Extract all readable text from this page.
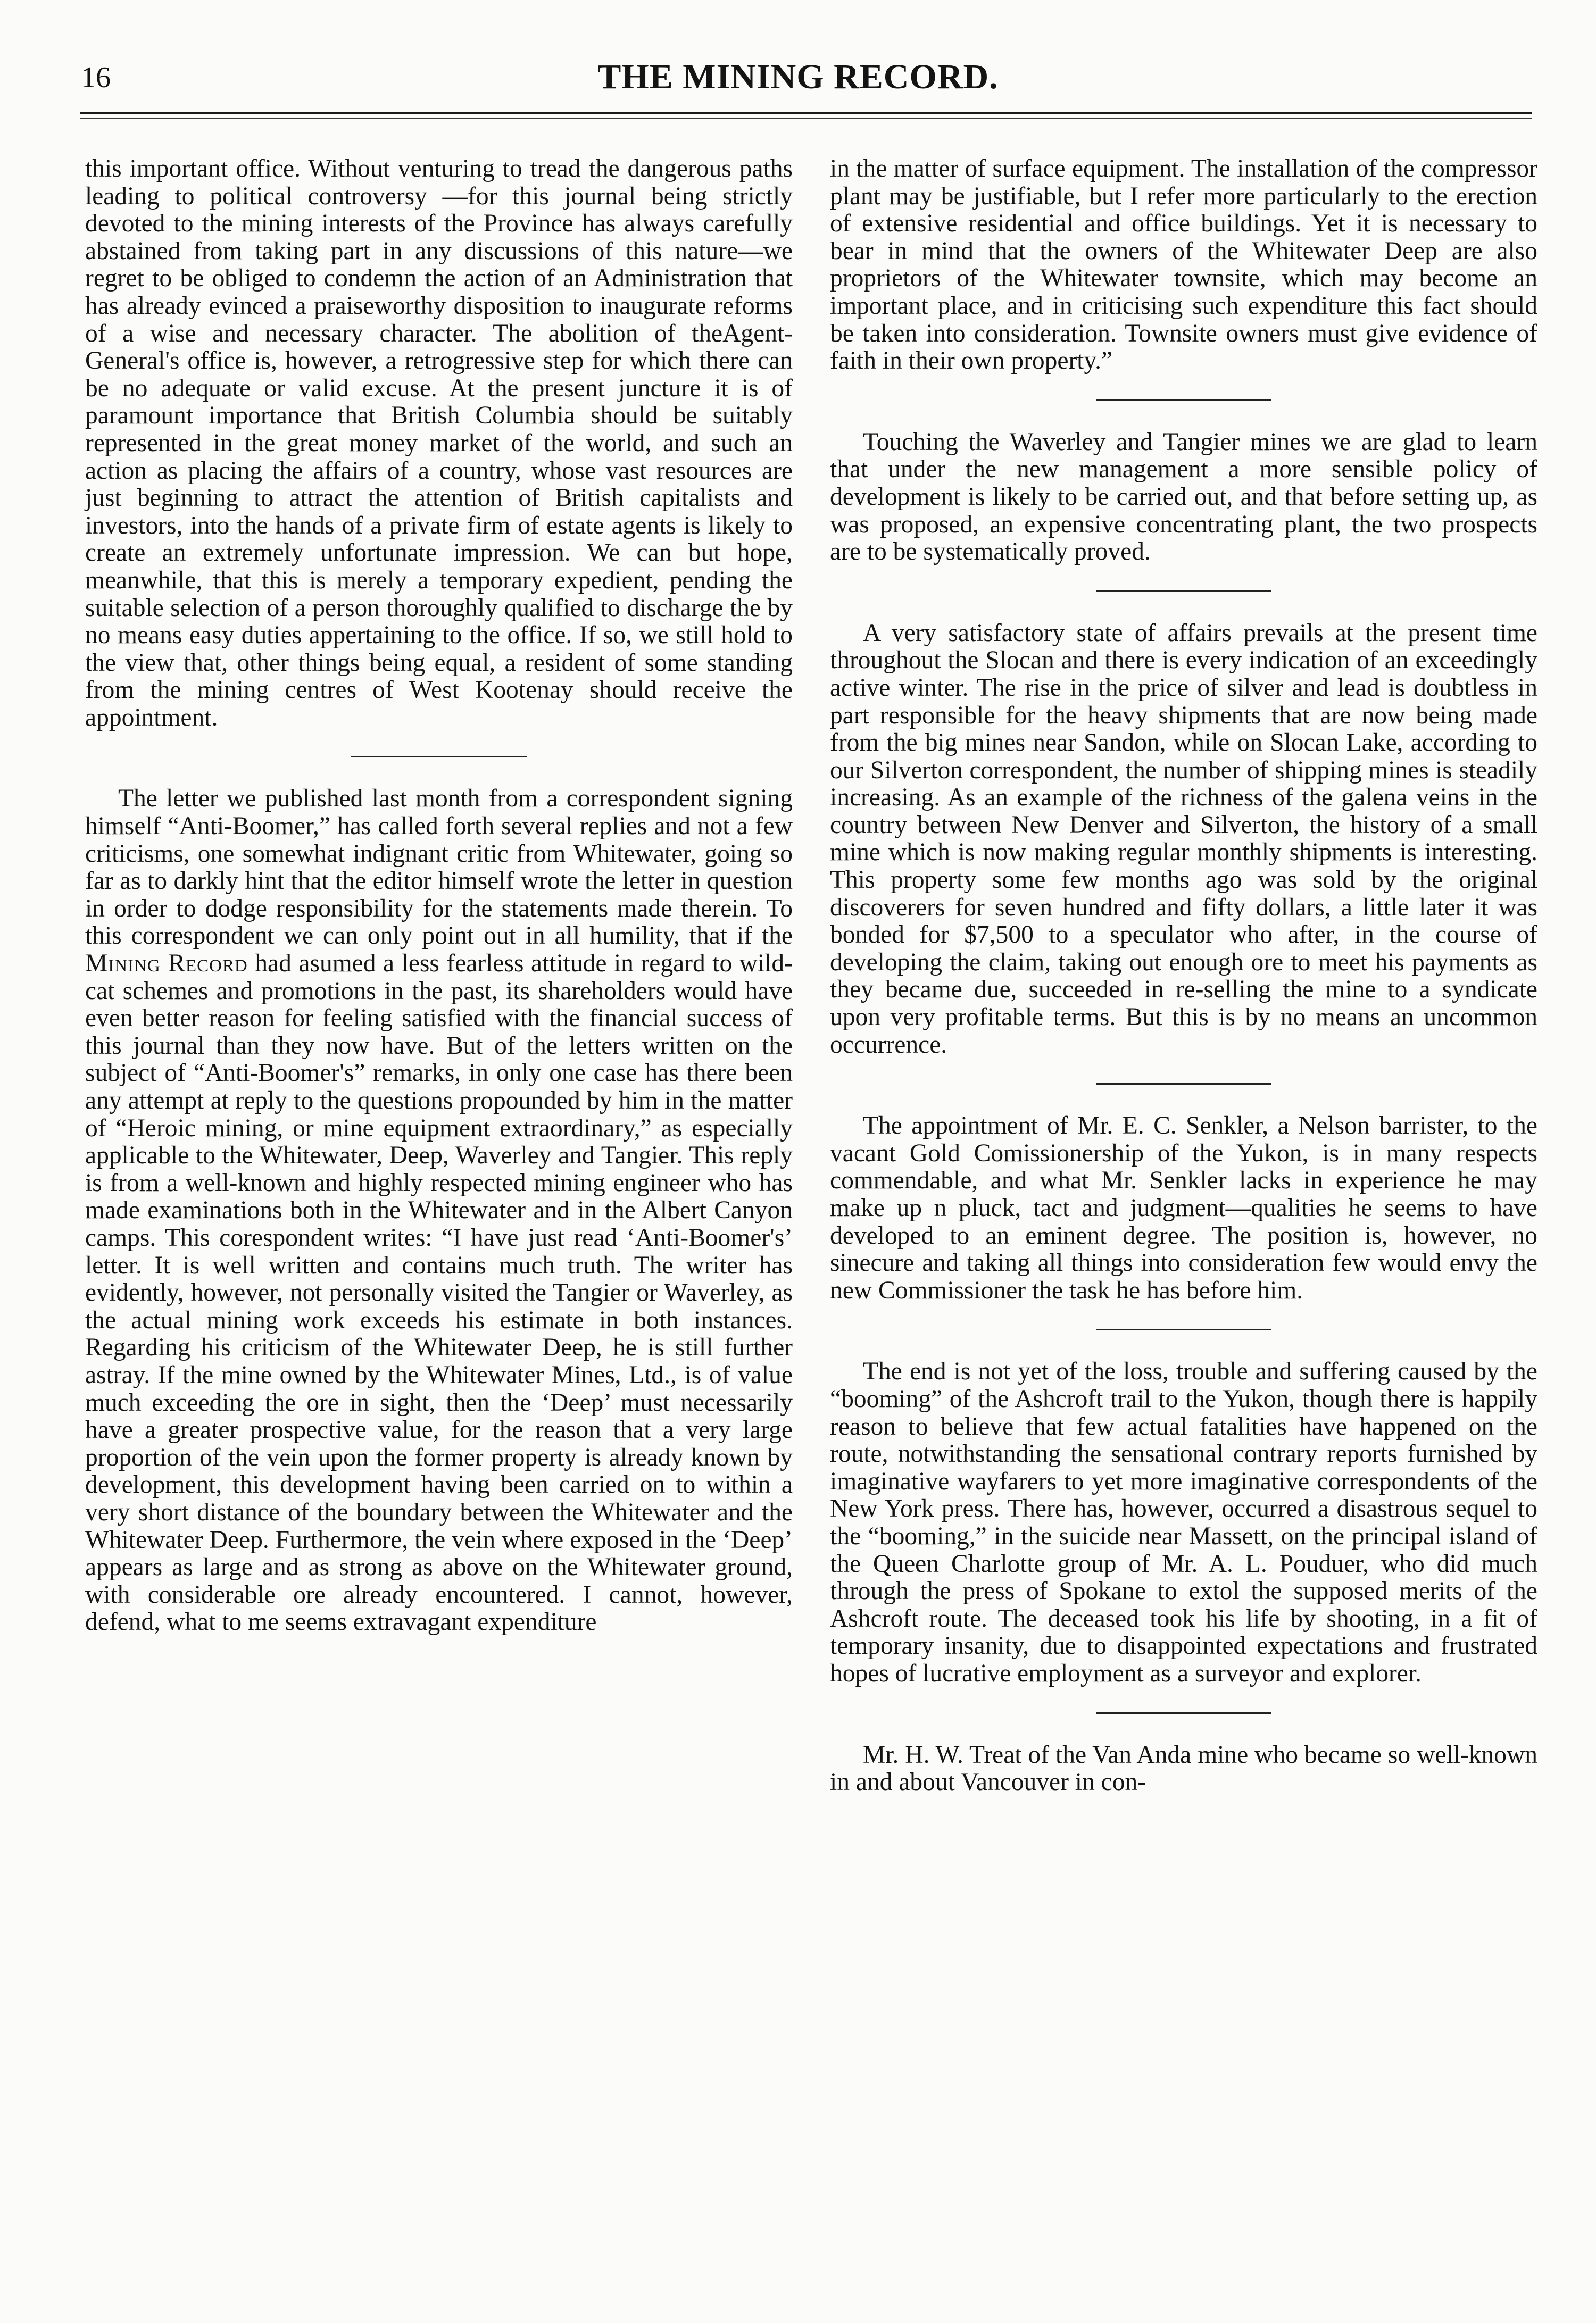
16	THE MINING RECORD.

this important office. Without venturing to tread the dangerous paths leading to political controversy —for this journal being strictly devoted to the mining interests of the Province has always carefully abstained from taking part in any discussions of this nature—we regret to be obliged to condemn the action of an Administration that has already evinced a praiseworthy disposition to inaugurate reforms of a wise and necessary character. The abolition of theAgent-General's office is, however, a retrogressive step for which there can be no adequate or valid excuse. At the present juncture it is of paramount importance that British Columbia should be suitably represented in the great money market of the world, and such an action as placing the affairs of a country, whose vast resources are just beginning to attract the attention of British capitalists and investors, into the hands of a private firm of estate agents is likely to create an extremely unfortunate impression. We can but hope, meanwhile, that this is merely a temporary expedient, pending the suitable selection of a person thoroughly qualified to discharge the by no means easy duties appertaining to the office. If so, we still hold to the view that, other things being equal, a resident of some standing from the mining centres of West Kootenay should receive the appointment.

The letter we published last month from a correspondent signing himself “Anti-Boomer,” has called forth several replies and not a few criticisms, one somewhat indignant critic from Whitewater, going so far as to darkly hint that the editor himself wrote the letter in question in order to dodge responsibility for the statements made therein. To this correspondent we can only point out in all humility, that if the Mining Record had asumed a less fearless attitude in regard to wild-cat schemes and promotions in the past, its shareholders would have even better reason for feeling satisfied with the financial success of this journal than they now have. But of the letters written on the subject of “Anti-Boomer's” remarks, in only one case has there been any attempt at reply to the questions propounded by him in the matter of “Heroic mining, or mine equipment extraordinary,” as especially applicable to the Whitewater, Deep, Waverley and Tangier. This reply is from a well-known and highly respected mining engineer who has made examinations both in the Whitewater and in the Albert Canyon camps. This corespondent writes: “I have just read ‘Anti-Boomer's’ letter. It is well written and contains much truth. The writer has evidently, however, not personally visited the Tangier or Waverley, as the actual mining work exceeds his estimate in both instances. Regarding his criticism of the Whitewater Deep, he is still further astray. If the mine owned by the Whitewater Mines, Ltd., is of value much exceeding the ore in sight, then the ‘Deep’ must necessarily have a greater prospective value, for the reason that a very large proportion of the vein upon the former property is already known by development, this development having been carried on to within a very short distance of the boundary between the Whitewater and the Whitewater Deep. Furthermore, the vein where exposed in the ‘Deep’ appears as large and as strong as above on the Whitewater ground, with considerable ore already encountered. I cannot, however, defend, what to me seems extravagant expenditure

in the matter of surface equipment. The installation of the compressor plant may be justifiable, but I refer more particularly to the erection of extensive residential and office buildings. Yet it is necessary to bear in mind that the owners of the Whitewater Deep are also proprietors of the Whitewater townsite, which may become an important place, and in criticising such expenditure this fact should be taken into consideration. Townsite owners must give evidence of faith in their own property.”

Touching the Waverley and Tangier mines we are glad to learn that under the new management a more sensible policy of development is likely to be carried out, and that before setting up, as was proposed, an expensive concentrating plant, the two prospects are to be systematically proved.

A very satisfactory state of affairs prevails at the present time throughout the Slocan and there is every indication of an exceedingly active winter. The rise in the price of silver and lead is doubtless in part responsible for the heavy shipments that are now being made from the big mines near Sandon, while on Slocan Lake, according to our Silverton correspondent, the number of shipping mines is steadily increasing. As an example of the richness of the galena veins in the country between New Denver and Silverton, the history of a small mine which is now making regular monthly shipments is interesting. This property some few months ago was sold by the original discoverers for seven hundred and fifty dollars, a little later it was bonded for $7,500 to a speculator who after, in the course of developing the claim, taking out enough ore to meet his payments as they became due, succeeded in re-selling the mine to a syndicate upon very profitable terms. But this is by no means an uncommon occurrence.

The appointment of Mr. E. C. Senkler, a Nelson barrister, to the vacant Gold Comissionership of the Yukon, is in many respects commendable, and what Mr. Senkler lacks in experience he may make up n pluck, tact and judgment—qualities he seems to have developed to an eminent degree. The position is, however, no sinecure and taking all things into consideration few would envy the new Commissioner the task he has before him.

The end is not yet of the loss, trouble and suffering caused by the “booming” of the Ashcroft trail to the Yukon, though there is happily reason to believe that few actual fatalities have happened on the route, notwithstanding the sensational contrary reports furnished by imaginative wayfarers to yet more imaginative correspondents of the New York press. There has, however, occurred a disastrous sequel to the “booming,” in the suicide near Massett, on the principal island of the Queen Charlotte group of Mr. A. L. Pouduer, who did much through the press of Spokane to extol the supposed merits of the Ashcroft route. The deceased took his life by shooting, in a fit of temporary insanity, due to disappointed expectations and frustrated hopes of lucrative employment as a surveyor and explorer.

Mr. H. W. Treat of the Van Anda mine who became so well-known in and about Vancouver in con-
